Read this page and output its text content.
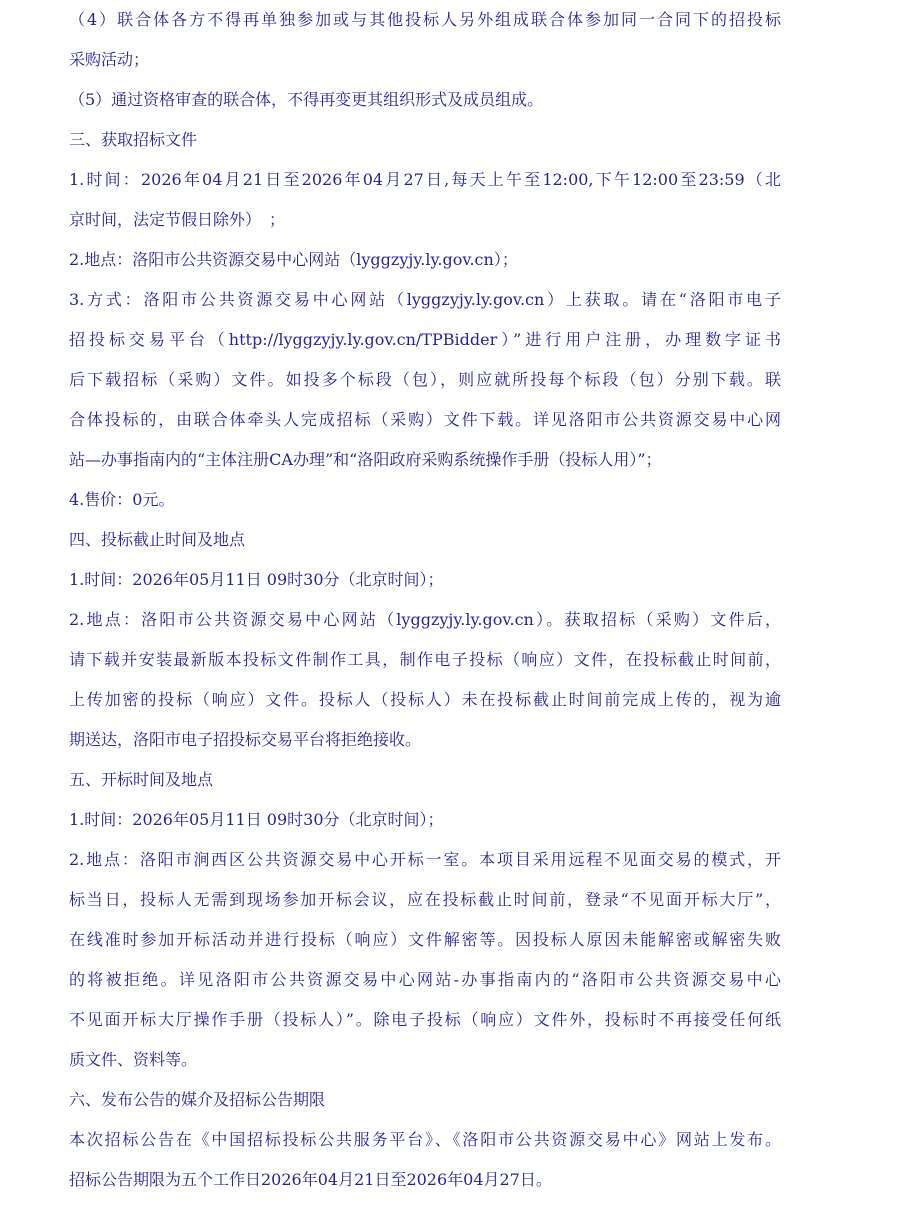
（4）联合体各方不得再单独参加或与其他投标人另外组成联合体参加同一合同下的招投标
采购活动；
（5）通过资格审查的联合体，不得再变更其组织形式及成员组成。
三、获取招标文件
1.时间：2026年04月21日至2026年04月27日,每天上午至12:00,下午12:00至23:59（北
京时间，法定节假日除外）　；
2.地点：洛阳市公共资源交易中心网站（lyggzyjy.ly.gov.cn）；
3.方式：洛阳市公共资源交易中心网站（lyggzyjy.ly.gov.cn）上获取。请在“洛阳市电子
招投标交易平台（http://lyggzyjy.ly.gov.cn/TPBidder）”进行用户注册，办理数字证书
后下载招标（采购）文件。如投多个标段（包），则应就所投每个标段（包）分别下载。联
合体投标的，由联合体牵头人完成招标（采购）文件下载。详见洛阳市公共资源交易中心网
站—办事指南内的“主体注册CA办理”和“洛阳政府采购系统操作手册（投标人用）”；
4.售价：0元。
四、投标截止时间及地点
1.时间：2026年05月11日 09时30分（北京时间）；
2.地点：洛阳市公共资源交易中心网站（lyggzyjy.ly.gov.cn）。获取招标（采购）文件后，
请下载并安装最新版本投标文件制作工具，制作电子投标（响应）文件，在投标截止时间前，
上传加密的投标（响应）文件。投标人（投标人）未在投标截止时间前完成上传的，视为逾
期送达，洛阳市电子招投标交易平台将拒绝接收。
五、开标时间及地点
1.时间：2026年05月11日 09时30分（北京时间）；
2.地点：洛阳市涧西区公共资源交易中心开标一室。本项目采用远程不见面交易的模式，开
标当日，投标人无需到现场参加开标会议，应在投标截止时间前，登录“不见面开标大厅”，
在线准时参加开标活动并进行投标（响应）文件解密等。因投标人原因未能解密或解密失败
的将被拒绝。详见洛阳市公共资源交易中心网站-办事指南内的“洛阳市公共资源交易中心
不见面开标大厅操作手册（投标人）”。除电子投标（响应）文件外，投标时不再接受任何纸
质文件、资料等。
六、发布公告的媒介及招标公告期限
本次招标公告在《中国招标投标公共服务平台》、《洛阳市公共资源交易中心》网站上发布。
招标公告期限为五个工作日2026年04月21日至2026年04月27日。
